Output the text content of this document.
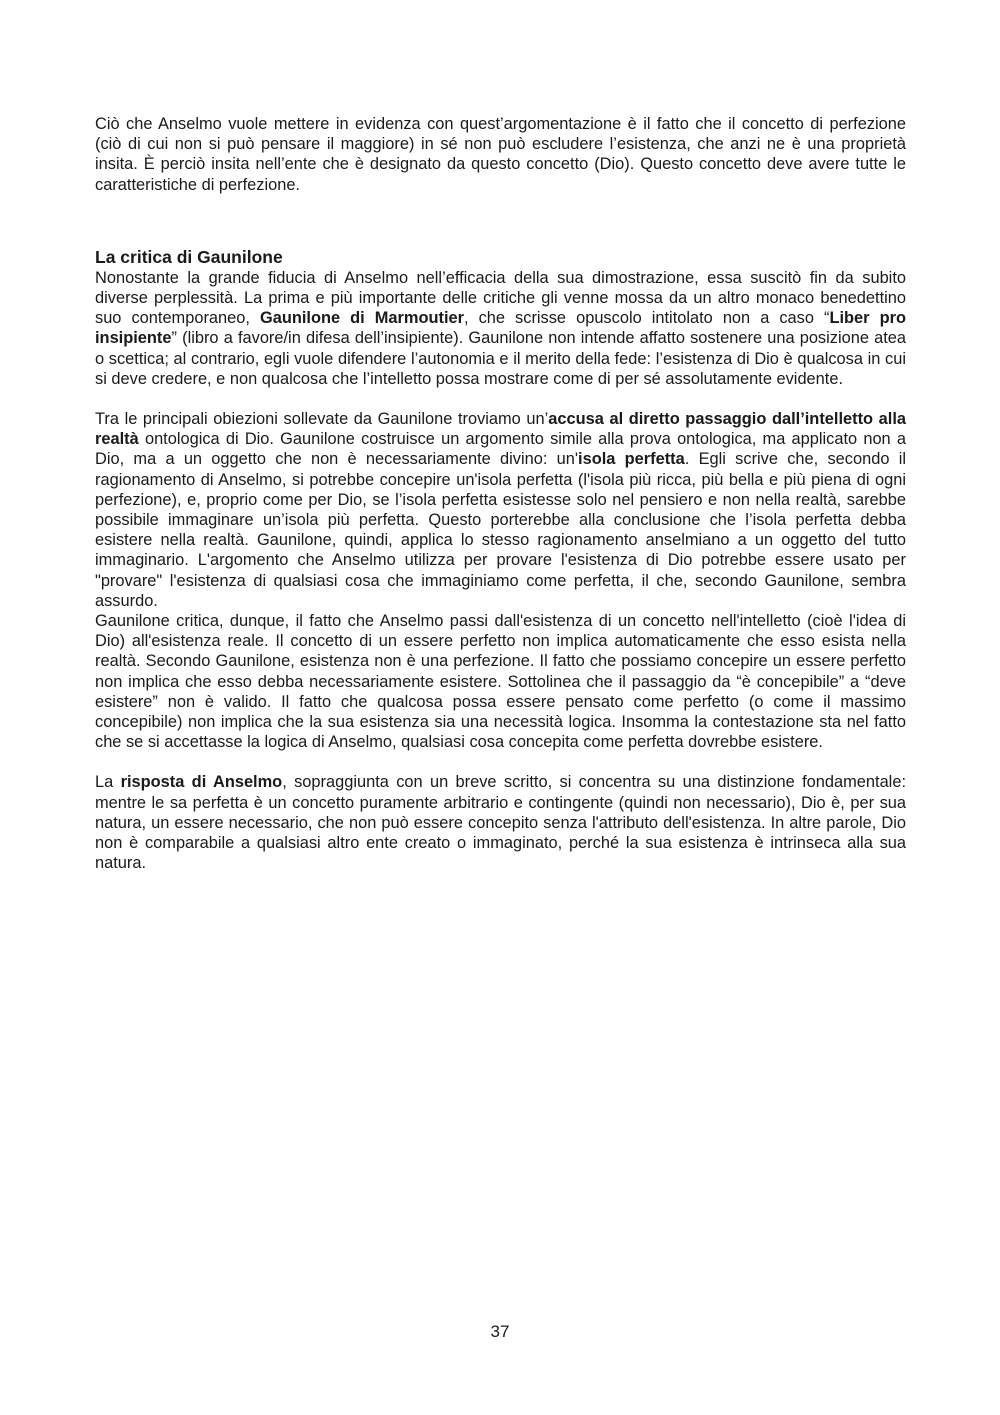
Ciò che Anselmo vuole mettere in evidenza con quest’argomentazione è il fatto che il concetto di perfezione (ciò di cui non si può pensare il maggiore) in sé non può escludere l’esistenza, che anzi ne è una proprietà insita. È perciò insita nell’ente che è designato da questo concetto (Dio). Questo concetto deve avere tutte le caratteristiche di perfezione.

La critica di Gaunilone

Nonostante la grande fiducia di Anselmo nell’efficacia della sua dimostrazione, essa suscitò fin da subito diverse perplessità. La prima e più importante delle critiche gli venne mossa da un altro monaco benedettino suo contemporaneo, Gaunilone di Marmoutier, che scrisse opuscolo intitolato non a caso “Liber pro insipiente” (libro a favore/in difesa dell’insipiente). Gaunilone non intende affatto sostenere una posizione atea o scettica; al contrario, egli vuole difendere l’autonomia e il merito della fede: l’esistenza di Dio è qualcosa in cui si deve credere, e non qualcosa che l’intelletto possa mostrare come di per sé assolutamente evidente.

Tra le principali obiezioni sollevate da Gaunilone troviamo un’accusa al diretto passaggio dall’intelletto alla realtà ontologica di Dio. Gaunilone costruisce un argomento simile alla prova ontologica, ma applicato non a Dio, ma a un oggetto che non è necessariamente divino: un'isola perfetta. Egli scrive che, secondo il ragionamento di Anselmo, si potrebbe concepire un'isola perfetta (l'isola più ricca, più bella e più piena di ogni perfezione), e, proprio come per Dio, se l’isola perfetta esistesse solo nel pensiero e non nella realtà, sarebbe possibile immaginare un’isola più perfetta. Questo porterebbe alla conclusione che l’isola perfetta debba esistere nella realtà. Gaunilone, quindi, applica lo stesso ragionamento anselmiano a un oggetto del tutto immaginario. L'argomento che Anselmo utilizza per provare l'esistenza di Dio potrebbe essere usato per "provare" l'esistenza di qualsiasi cosa che immaginiamo come perfetta, il che, secondo Gaunilone, sembra assurdo.

Gaunilone critica, dunque, il fatto che Anselmo passi dall'esistenza di un concetto nell'intelletto (cioè l'idea di Dio) all'esistenza reale. Il concetto di un essere perfetto non implica automaticamente che esso esista nella realtà. Secondo Gaunilone, esistenza non è una perfezione. Il fatto che possiamo concepire un essere perfetto non implica che esso debba necessariamente esistere. Sottolinea che il passaggio da “è concepibile” a “deve esistere” non è valido. Il fatto che qualcosa possa essere pensato come perfetto (o come il massimo concepibile) non implica che la sua esistenza sia una necessità logica. Insomma la contestazione sta nel fatto che se si accettasse la logica di Anselmo, qualsiasi cosa concepita come perfetta dovrebbe esistere.

La risposta di Anselmo, sopraggiunta con un breve scritto, si concentra su una distinzione fondamentale: mentre le sa perfetta è un concetto puramente arbitrario e contingente (quindi non necessario), Dio è, per sua natura, un essere necessario, che non può essere concepito senza l'attributo dell'esistenza. In altre parole, Dio non è comparabile a qualsiasi altro ente creato o immaginato, perché la sua esistenza è intrinseca alla sua natura.

37
